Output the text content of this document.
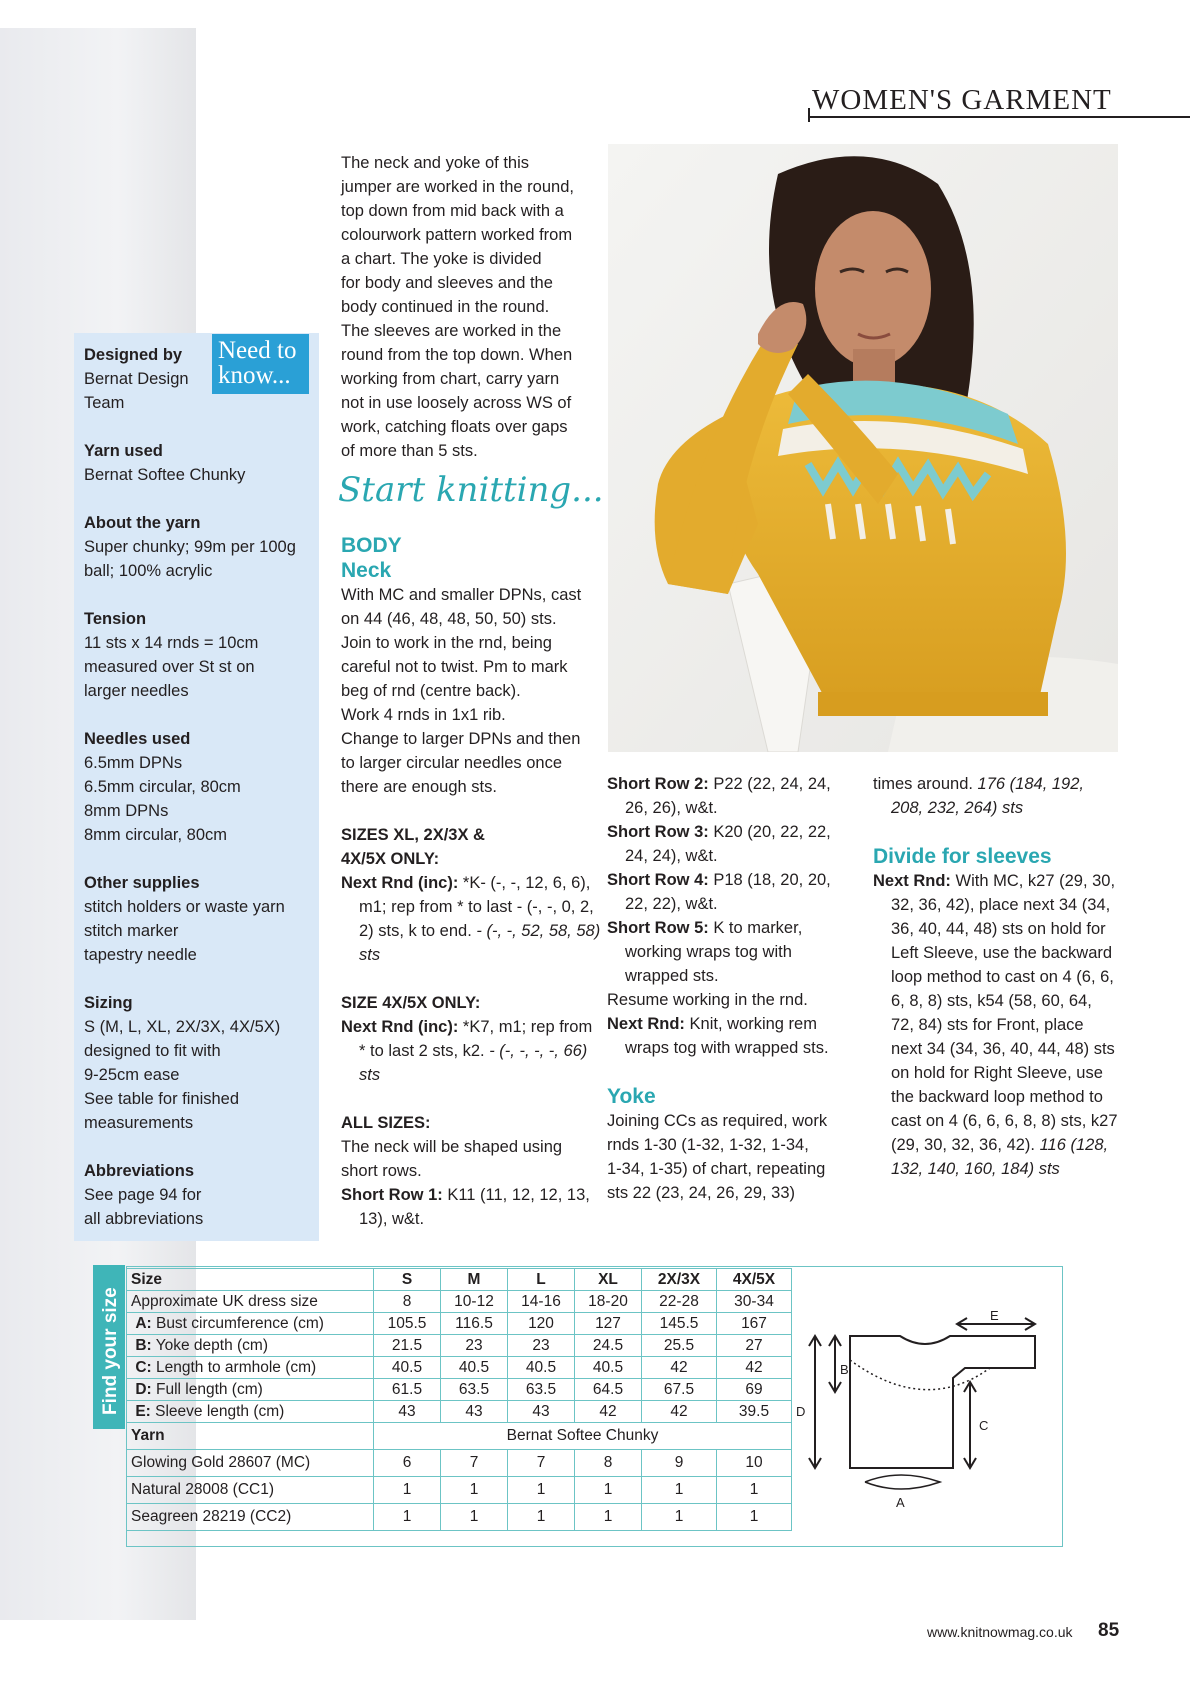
WOMEN'S GARMENT
Need to
know...
Designed by
Bernat Design
Team
Yarn used
Bernat Softee Chunky
About the yarn
Super chunky; 99m per 100g
ball; 100% acrylic
Tension
11 sts x 14 rnds = 10cm
measured over St st on
larger needles
Needles used
6.5mm DPNs
6.5mm circular, 80cm
8mm DPNs
8mm circular, 80cm
Other supplies
stitch holders or waste yarn
stitch marker
tapestry needle
Sizing
S (M, L, XL, 2X/3X, 4X/5X)
designed to fit with
9-25cm ease
See table for finished
measurements
Abbreviations
See page 94 for
all abbreviations
The neck and yoke of this
jumper are worked in the round,
top down from mid back with a
colourwork pattern worked from
a chart. The yoke is divided
for body and sleeves and the
body continued in the round.
The sleeves are worked in the
round from the top down. When
working from chart, carry yarn
not in use loosely across WS of
work, catching floats over gaps
of more than 5 sts.
Start knitting...
BODY
Neck
With MC and smaller DPNs, cast
on 44 (46, 48, 48, 50, 50) sts.
Join to work in the rnd, being
careful not to twist. Pm to mark
beg of rnd (centre back).
Work 4 rnds in 1x1 rib.
Change to larger DPNs and then
to larger circular needles once
there are enough sts.
SIZES XL, 2X/3X &
4X/5X ONLY:
Next Rnd (inc): *K- (-, -, 12, 6, 6), m1; rep from * to last - (-, -, 0, 2, 2) sts, k to end. - (-, -, 52, 58, 58) sts
SIZE 4X/5X ONLY:
Next Rnd (inc): *K7, m1; rep from * to last 2 sts, k2. - (-, -, -, -, 66) sts
ALL SIZES:
The neck will be shaped using
short rows.
Short Row 1: K11 (11, 12, 12, 13, 13), w&t.
Short Row 2: P22 (22, 24, 24, 26, 26), w&t.
Short Row 3: K20 (20, 22, 22, 24, 24), w&t.
Short Row 4: P18 (18, 20, 20, 22, 22), w&t.
Short Row 5: K to marker, working wraps tog with wrapped sts.
Resume working in the rnd.
Next Rnd: Knit, working rem wraps tog with wrapped sts.
Yoke
Joining CCs as required, work
rnds 1-30 (1-32, 1-32, 1-34,
1-34, 1-35) of chart, repeating
sts 22 (23, 24, 26, 29, 33)
times around. 176 (184, 192, 208, 232, 264) sts
Divide for sleeves
Next Rnd: With MC, k27 (29, 30, 32, 36, 42), place next 34 (34, 36, 40, 44, 48) sts on hold for Left Sleeve, use the backward loop method to cast on 4 (6, 6, 6, 8, 8) sts, k54 (58, 60, 64, 72, 84) sts for Front, place next 34 (34, 36, 40, 44, 48) sts on hold for Right Sleeve, use the backward loop method to cast on 4 (6, 6, 6, 8, 8) sts, k27 (29, 30, 32, 36, 42). 116 (128, 132, 140, 160, 184) sts
Find your size
Size	S	M	L	XL	2X/3X	4X/5X
Approximate UK dress size	8	10-12	14-16	18-20	22-28	30-34
A: Bust circumference (cm)	105.5	116.5	120	127	145.5	167
B: Yoke depth (cm)	21.5	23	23	24.5	25.5	27
C: Length to armhole (cm)	40.5	40.5	40.5	40.5	42	42
D: Full length (cm)	61.5	63.5	63.5	64.5	67.5	69
E: Sleeve length (cm)	43	43	43	42	42	39.5
Yarn	Bernat Softee Chunky					
Glowing Gold 28607 (MC)	6	7	7	8	9	10
Natural 28008 (CC1)	1	1	1	1	1	1
Seagreen 28219 (CC2)	1	1	1	1	1	1
E
B
D
C
A
www.knitnowmag.co.uk 85
